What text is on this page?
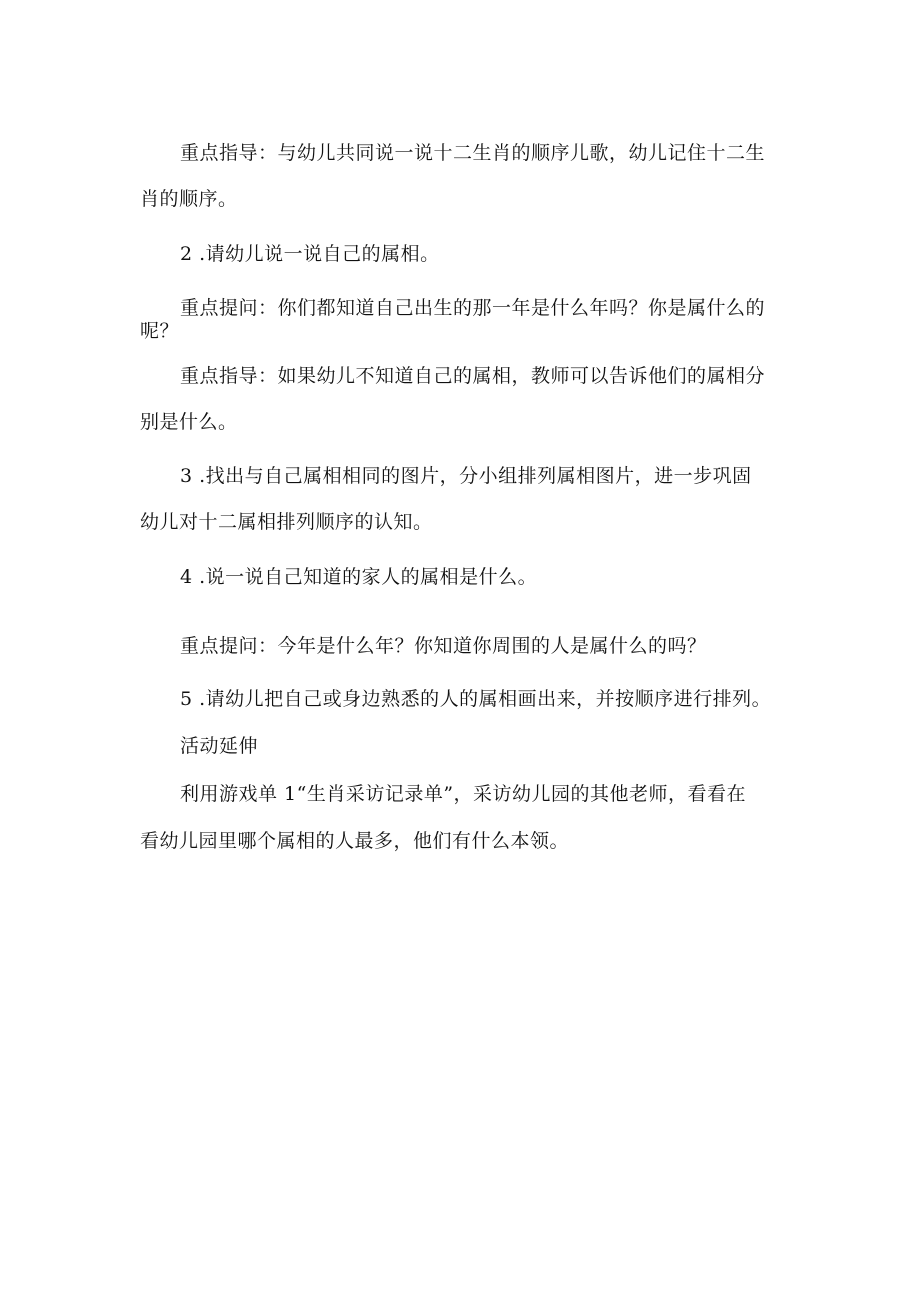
重点指导：与幼儿共同说一说十二生肖的顺序儿歌，幼儿记住十二生
肖的顺序。
2 .请幼儿说一说自己的属相。
重点提问：你们都知道自己出生的那一年是什么年吗？你是属什么的
呢？
重点指导：如果幼儿不知道自己的属相，教师可以告诉他们的属相分
别是什么。
3 .找出与自己属相相同的图片，分小组排列属相图片，进一步巩固
幼儿对十二属相排列顺序的认知。
4 .说一说自己知道的家人的属相是什么。
重点提问：今年是什么年？你知道你周围的人是属什么的吗？
5 .请幼儿把自己或身边熟悉的人的属相画出来，并按顺序进行排列。
活动延伸
利用游戏单 1“生肖采访记录单”，采访幼儿园的其他老师，看看在
看幼儿园里哪个属相的人最多，他们有什么本领。
